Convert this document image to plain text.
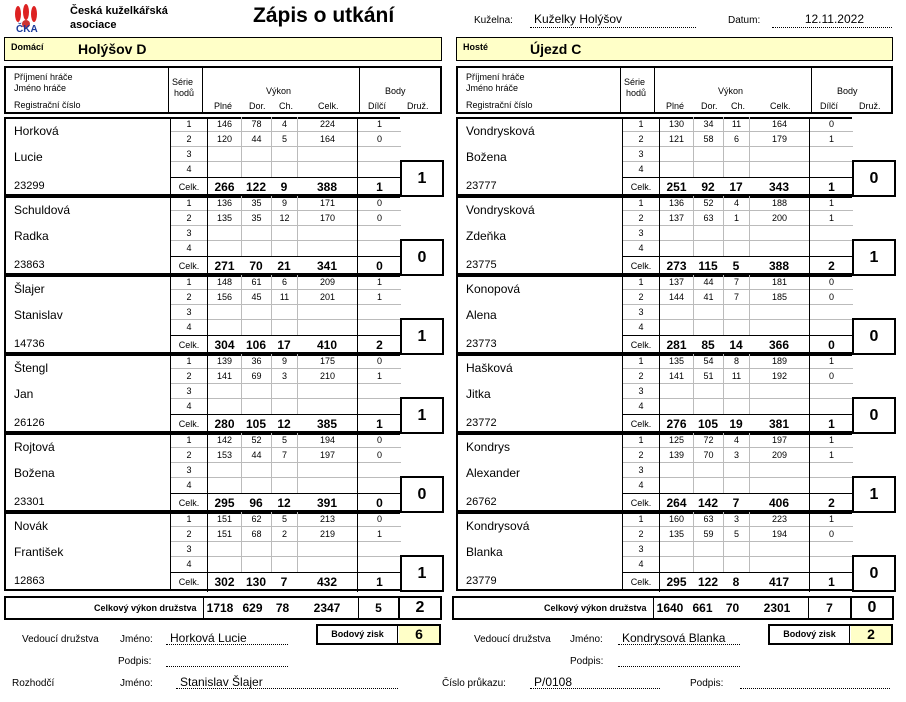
ČKA
Česká kuželkářská
asociace	Zápis o utkání	Kuželna:	Kuželky Holýšov	Datum:	12.11.2022
Domácí Holýšov D	Hosté	Újezd C
Příjmení hráče
Jméno hráče
Registrační číslo
Série
hodů	Výkon
Plné Dor. Ch.	Celk.
Body
Dílčí Druž.
Příjmení hráče
Jméno hráče
Registrační číslo
Série
hodů	Výkon
Plné Dor. Ch.	Celk.
Body
Dílčí Druž.
Horková
Lucie
23299
1	146	78	4	224	1
2	120	44	5	164	0
3
4
Celk.	266 122	9	388	1	1
Schuldová
Radka
23863
1	136	35	9	171	0
2	135	35	12	170	0
3
4
Celk.	271	70	21	341	0	0
Šlajer
Stanislav
14736
1	148	61	6	209	1
2	156	45	11	201	1
3
4
Celk.	304 106 17	410	2	1
Štengl
Jan
26126
1	139	36	9	175	0
2	141	69	3	210	1
3
4
Celk.	280 105 12	385	1	1
Rojtová
Božena
23301
1	142	52	5	194	0
2	153	44	7	197	0
3
4
Celk.	295	96	12	391	0	0
Novák
František
12863
1	151	62	5	213	0
2	151	68	2	219	1
3
4
Celk.	302 130	7	432	1	1
Vondrysková
Božena
23777
1	130	34	11	164	0
2	121	58	6	179	1
3
4
Celk.	251	92	17	343	1	0
Vondrysková
Zdeňka
23775
1	136	52	4	188	1
2	137	63	1	200	1
3
4
Celk.	273 115	5	388	2	1
Konopová
Alena
23773
1	137	44	7	181	0
2	144	41	7	185	0
3
4
Celk.	281	85	14	366	0	0
Hašková
Jitka
23772
1	135	54	8	189	1
2	141	51	11	192	0
3
4
Celk.	276 105 19	381	1	0
Kondrys
Alexander
26762
1	125	72	4	197	1
2	139	70	3	209	1
3
4
Celk.	264 142	7	406	2	1
Kondrysová
Blanka
23779
1	160	63	3	223	1
2	135	59	5	194	0
3
4
Celk.	295 122	8	417	1	0
Celkový výkon družstva 1718 629	78	2347	5	2	Celkový výkon družstva 1640 661	70	2301	7	0
Vedoucí družstva Jméno:	Horková Lucie	Bodový zisk	6
Podpis:
Vedoucí družstva Jméno:	Kondrysová Blanka	Bodový zisk	2
Podpis:
Rozhodčí	Jméno:	Stanislav Šlajer	Číslo průkazu:	P/0108	Podpis:
